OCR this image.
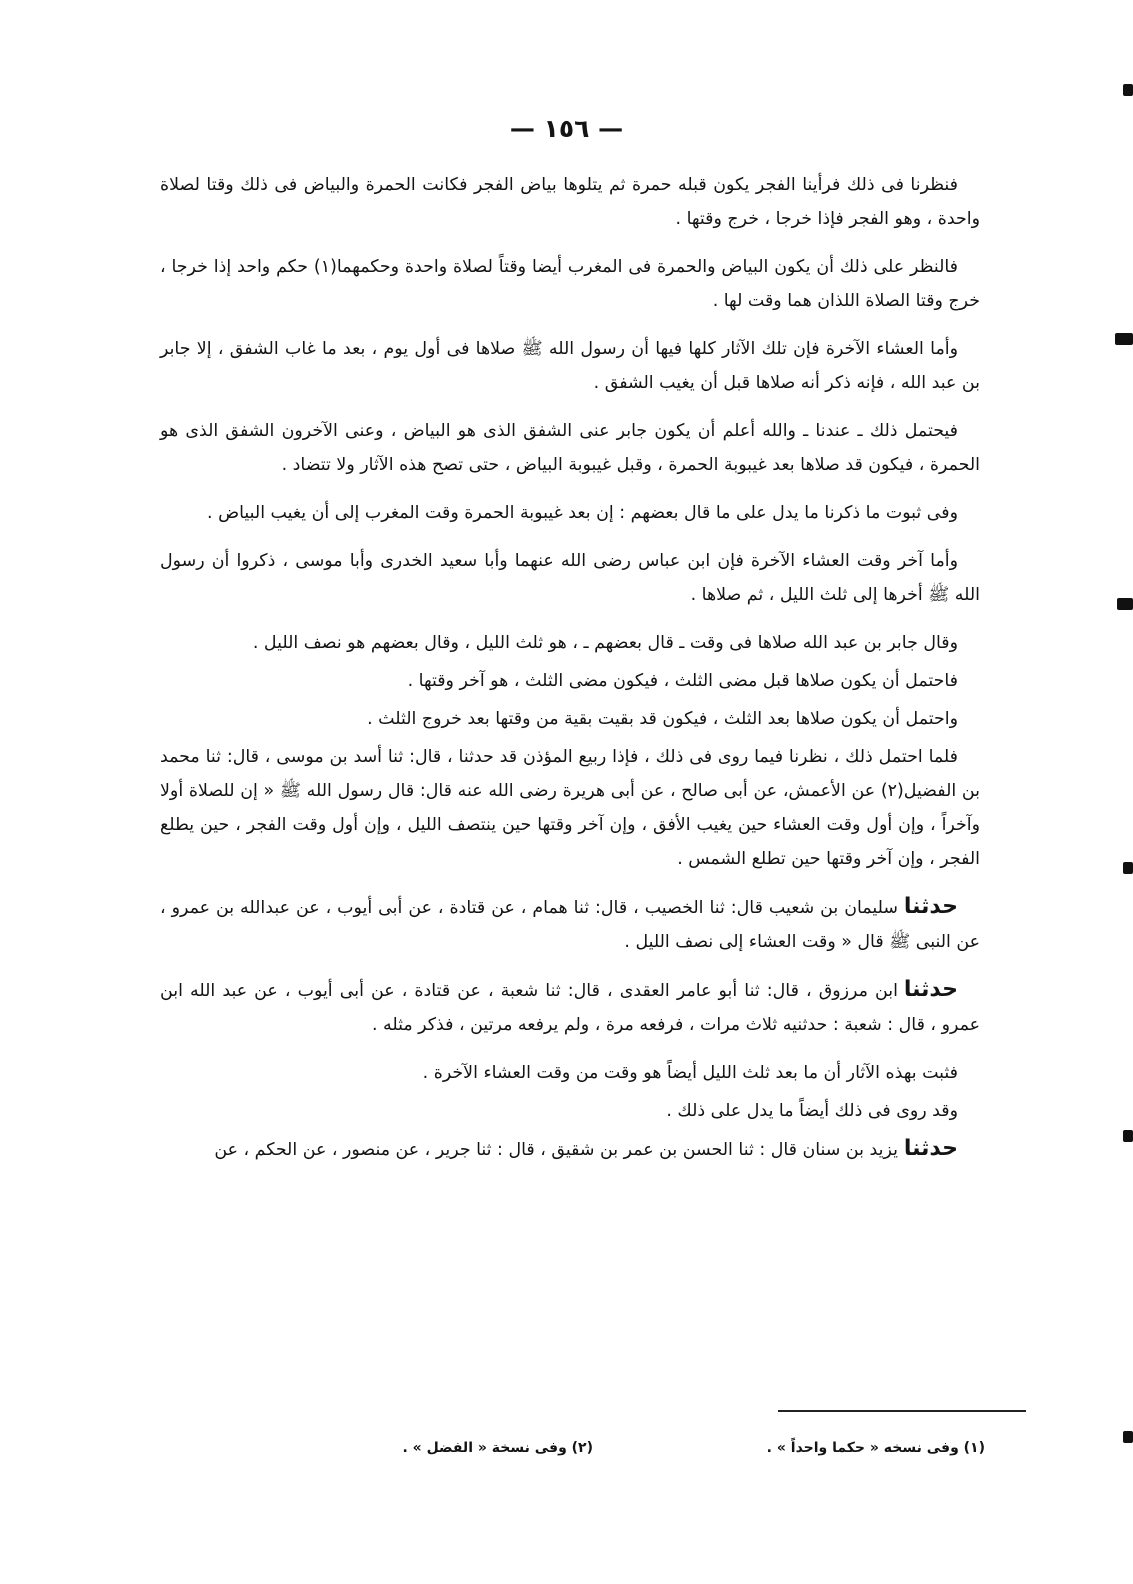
— ١٥٦ —

فنظرنا فى ذلك فرأينا الفجر يكون قبله حمرة ثم يتلوها بياض الفجر فكانت الحمرة والبياض فى ذلك وقتا لصلاة واحدة ، وهو الفجر فإذا خرجا ، خرج وقتها .

فالنظر على ذلك أن يكون البياض والحمرة فى المغرب أيضا وقتاً لصلاة واحدة وحكمهما(١) حكم واحد إذا خرجا ، خرج وقتا الصلاة اللذان هما وقت لها .

وأما العشاء الآخرة فإن تلك الآثار كلها فيها أن رسول الله ﷺ صلاها فى أول يوم ، بعد ما غاب الشفق ، إلا جابر بن عبد الله ، فإنه ذكر أنه صلاها قبل أن يغيب الشفق .

فيحتمل ذلك ـ عندنا ـ والله أعلم أن يكون جابر عنى الشفق الذى هو البياض ، وعنى الآخرون الشفق الذى هو الحمرة ، فيكون قد صلاها بعد غيبوبة الحمرة ، وقبل غيبوبة البياض ، حتى تصح هذه الآثار ولا تتضاد .

وفى ثبوت ما ذكرنا ما يدل على ما قال بعضهم : إن بعد غيبوبة الحمرة وقت المغرب إلى أن يغيب البياض .

وأما آخر وقت العشاء الآخرة فإن ابن عباس رضى الله عنهما وأبا سعيد الخدرى وأبا موسى ، ذكروا أن رسول الله ﷺ أخرها إلى ثلث الليل ، ثم صلاها .

وقال جابر بن عبد الله صلاها فى وقت ـ قال بعضهم ـ ، هو ثلث الليل ، وقال بعضهم هو نصف الليل .

فاحتمل أن يكون صلاها قبل مضى الثلث ، فيكون مضى الثلث ، هو آخر وقتها .

واحتمل أن يكون صلاها بعد الثلث ، فيكون قد بقيت بقية من وقتها بعد خروج الثلث .

فلما احتمل ذلك ، نظرنا فيما روى فى ذلك ، فإذا ربيع المؤذن قد حدثنا ، قال: ثنا أسد بن موسى ، قال: ثنا محمد بن الفضيل(٢) عن الأعمش، عن أبى صالح ، عن أبى هريرة رضى الله عنه قال: قال رسول الله ﷺ « إن للصلاة أولا وآخراً ، وإن أول وقت العشاء حين يغيب الأفق ، وإن آخر وقتها حين ينتصف الليل ، وإن أول وقت الفجر ، حين يطلع الفجر ، وإن آخر وقتها حين تطلع الشمس .

حدثناسليمان بن شعيب قال: ثنا الخصيب ، قال: ثنا همام ، عن قتادة ، عن أبى أيوب ، عن عبدالله بن عمرو ، عن النبى ﷺ قال « وقت العشاء إلى نصف الليل .

حدثناابن مرزوق ، قال: ثنا أبو عامر العقدى ، قال: ثنا شعبة ، عن قتادة ، عن أبى أيوب ، عن عبد الله ابن عمرو ، قال : شعبة : حدثنيه ثلاث مرات ، فرفعه مرة ، ولم يرفعه مرتين ، فذكر مثله .

فثبت بهذه الآثار أن ما بعد ثلث الليل أيضاً هو وقت من وقت العشاء الآخرة .

وقد روى فى ذلك أيضاً ما يدل على ذلك .

حدثنايزيد بن سنان قال : ثنا الحسن بن عمر بن شقيق ، قال : ثنا جرير ، عن منصور ، عن الحكم ، عن

(١) وفى نسخه « حكما واحداً » .
(٢) وفى نسخة « الفضل » .
